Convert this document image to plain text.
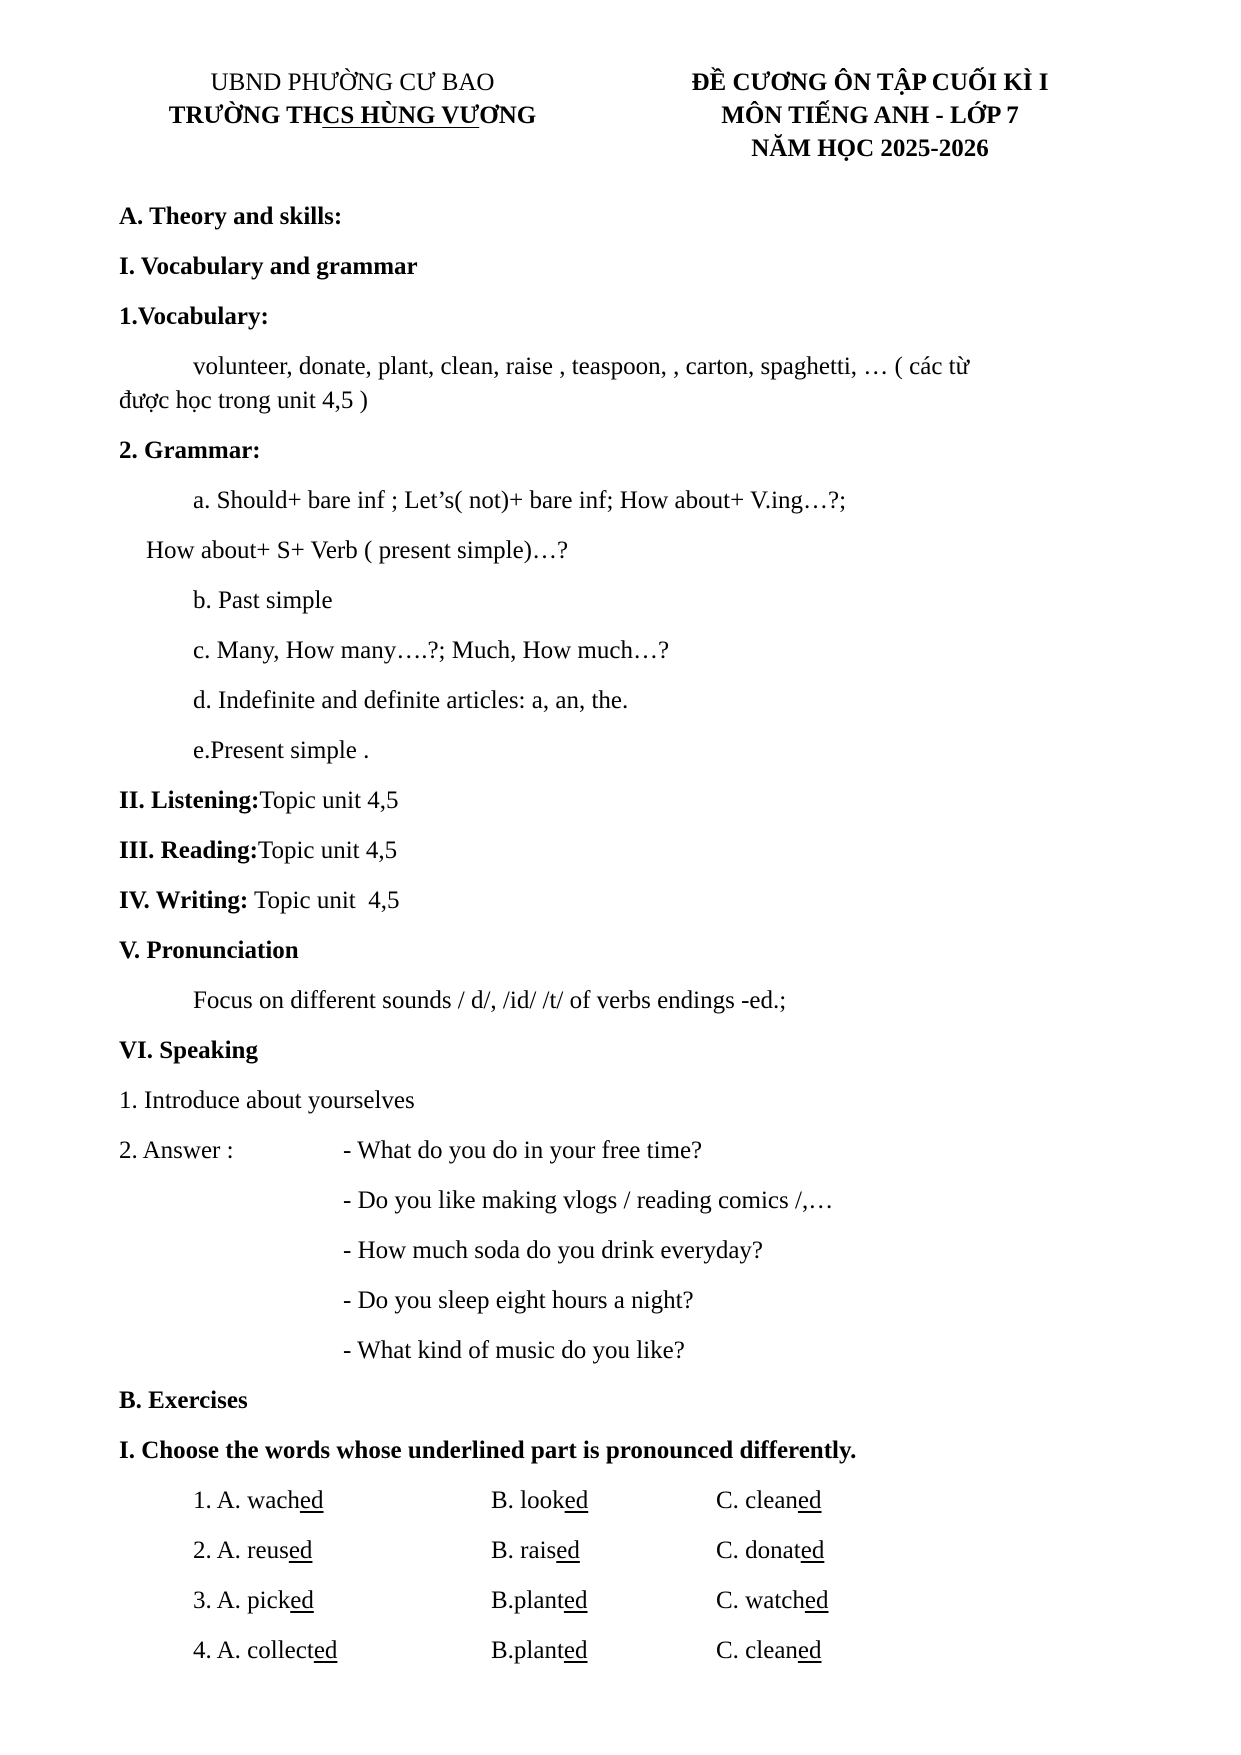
UBND PHƯỜNG CƯ BAO
TRƯỜNG THCS HÙNG VƯƠNG
ĐỀ CƯƠNG ÔN TẬP CUỐI KÌ I
MÔN TIẾNG ANH - LỚP 7
NĂM HỌC 2025-2026
A. Theory and skills:
I. Vocabulary and grammar
1.Vocabulary:
volunteer, donate, plant, clean, raise , teaspoon, , carton, spaghetti, … ( các từ
được học trong unit 4,5 )
2. Grammar:
a. Should+ bare inf ; Let’s( not)+ bare inf; How about+ V.ing…?;
How about+ S+ Verb ( present simple)…?
b. Past simple
c. Many, How many….?; Much, How much…?
d. Indefinite and definite articles: a, an, the.
e.Present simple .
II. Listening:Topic unit 4,5
III. Reading:Topic unit 4,5
IV. Writing: Topic unit  4,5
V. Pronunciation
Focus on different sounds / d/, /id/ /t/ of verbs endings -ed.;
VI. Speaking
1. Introduce about yourselves
2. Answer :	- What do you do in your free time?
- Do you like making vlogs / reading comics /,…
- How much soda do you drink everyday?
- Do you sleep eight hours a night?
- What kind of music do you like?
B. Exercises
I. Choose the words whose underlined part is pronounced differently.
1. A. wached	B. looked	C. cleaned
2. A. reused	B. raised	C. donated
3. A. picked	B.planted	C. watched
4. A. collected	B.planted	C. cleaned
